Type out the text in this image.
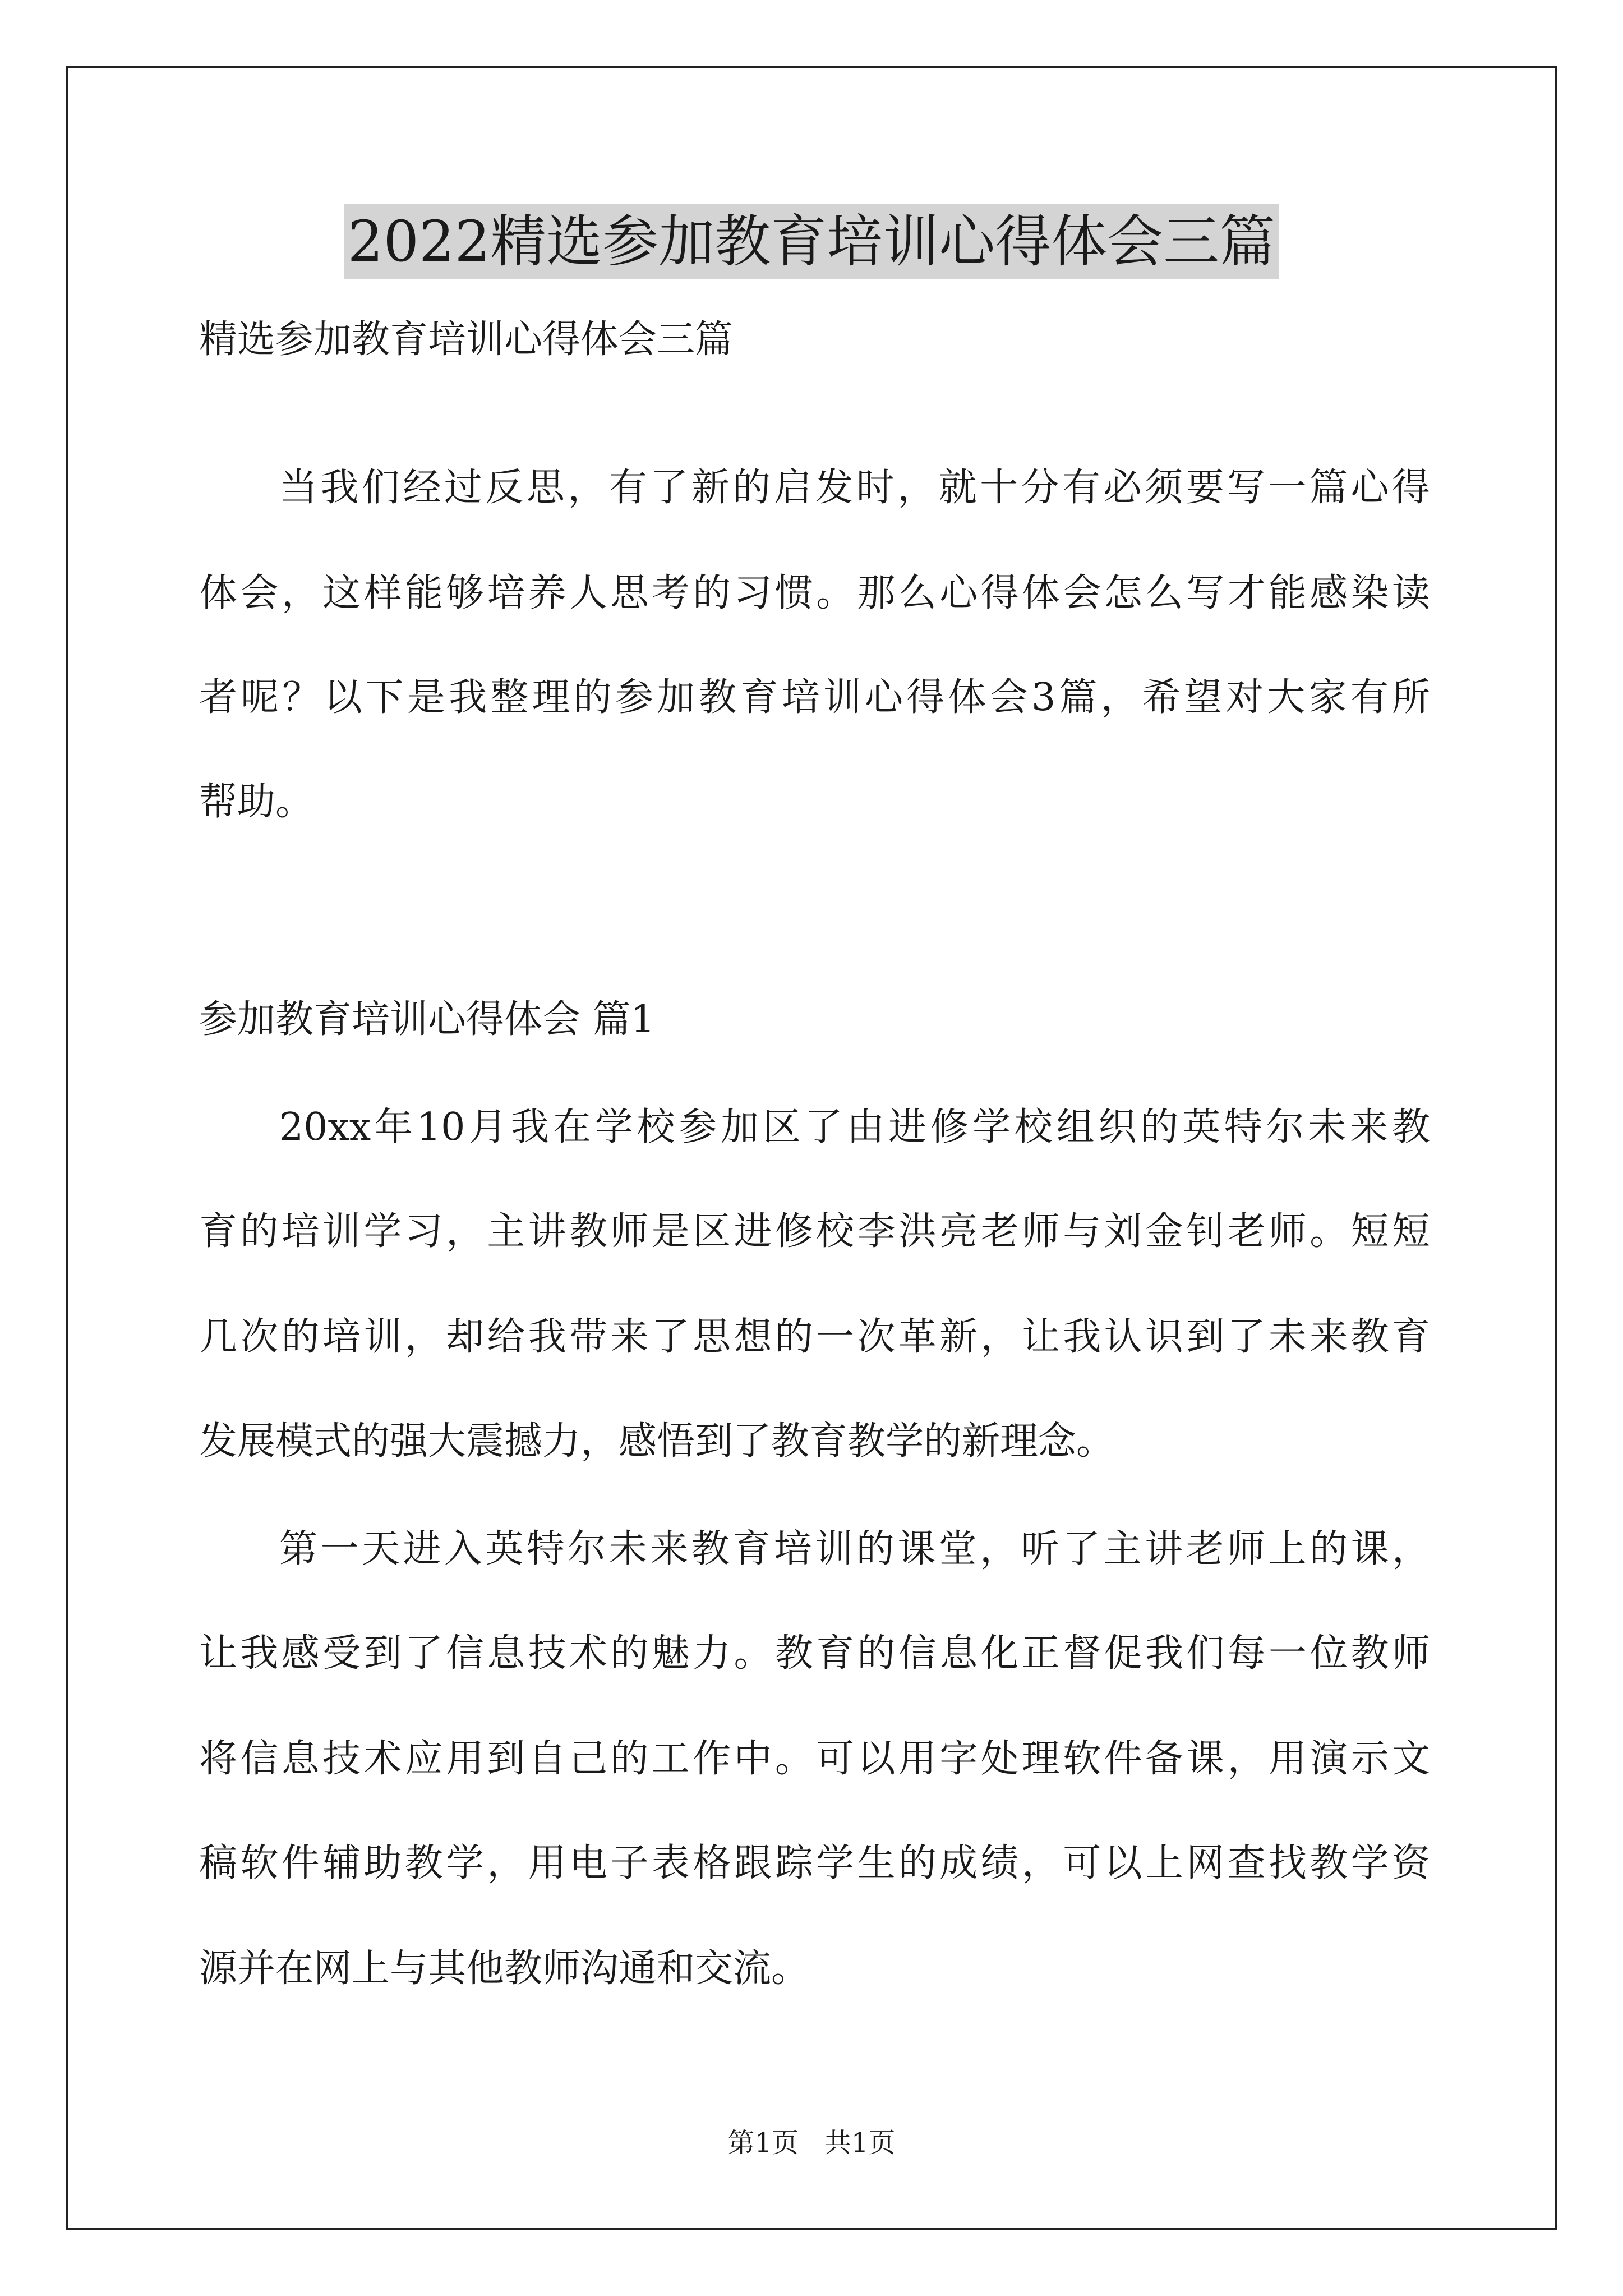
2022精选参加教育培训心得体会三篇
精选参加教育培训心得体会三篇
当我们经过反思，有了新的启发时，就十分有必须要写一篇心得
体会，这样能够培养人思考的习惯。那么心得体会怎么写才能感染读
者呢？以下是我整理的参加教育培训心得体会3篇，希望对大家有所
帮助。
参加教育培训心得体会 篇1
20xx年10月我在学校参加区了由进修学校组织的英特尔未来教
育的培训学习，主讲教师是区进修校李洪亮老师与刘金钊老师。短短
几次的培训，却给我带来了思想的一次革新，让我认识到了未来教育
发展模式的强大震撼力，感悟到了教育教学的新理念。
第一天进入英特尔未来教育培训的课堂，听了主讲老师上的课，
让我感受到了信息技术的魅力。教育的信息化正督促我们每一位教师
将信息技术应用到自己的工作中。可以用字处理软件备课，用演示文
稿软件辅助教学，用电子表格跟踪学生的成绩，可以上网查找教学资
源并在网上与其他教师沟通和交流。
第1页   共1页
